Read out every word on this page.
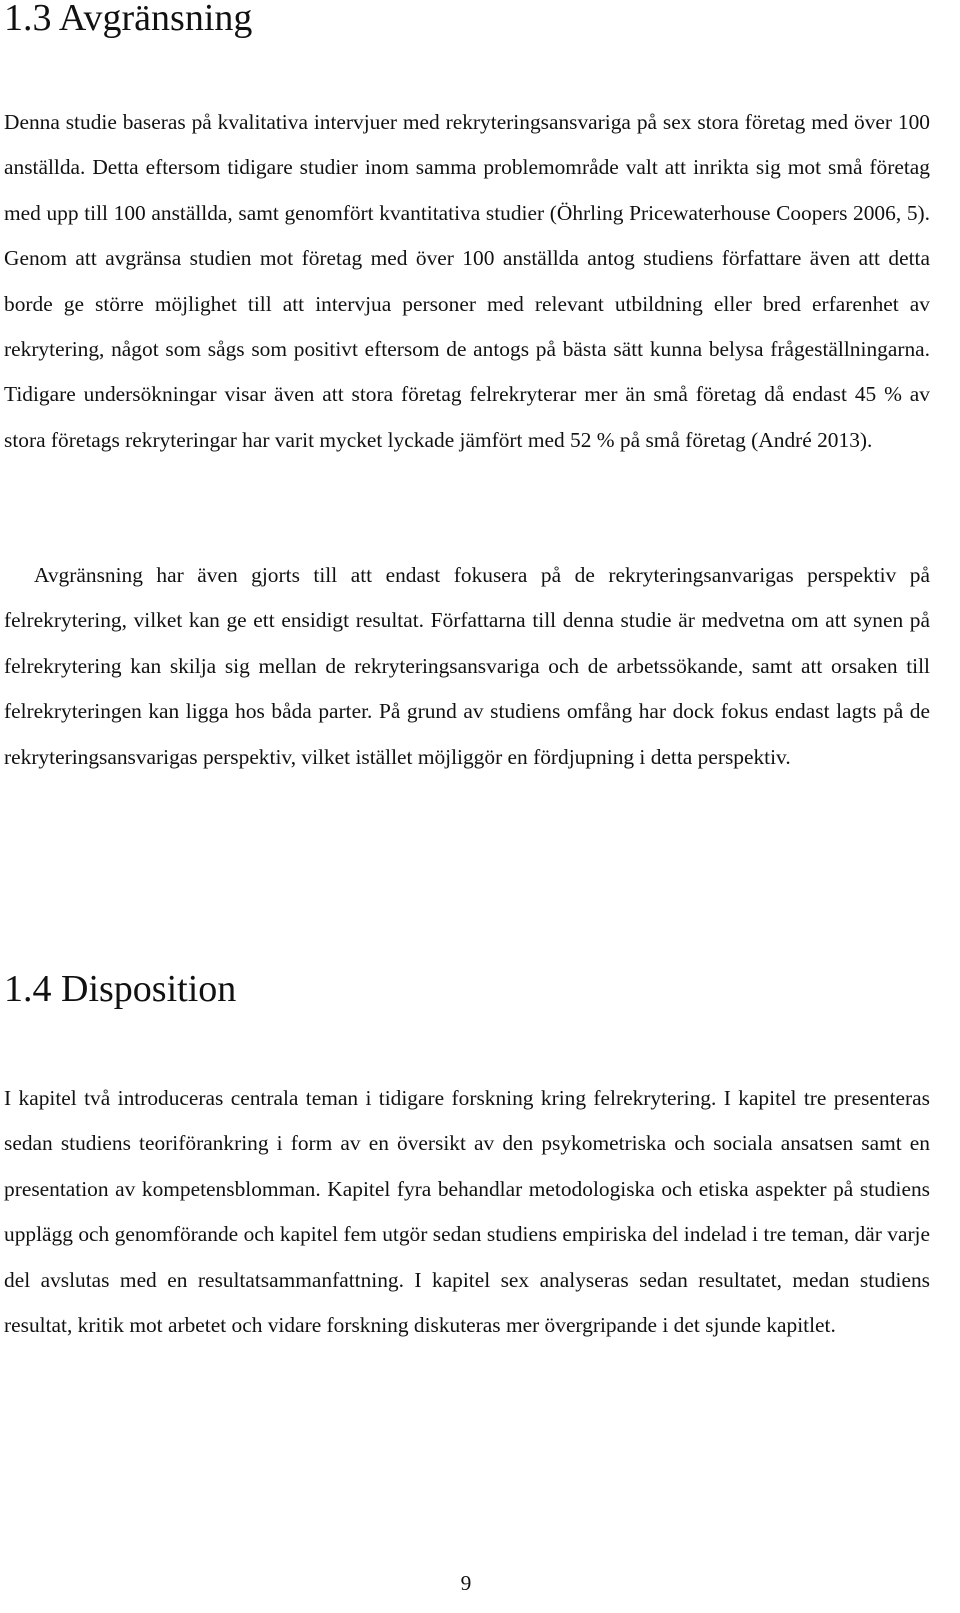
1.3 Avgränsning

Denna studie baseras på kvalitativa intervjuer med rekryteringsansvariga på sex stora företag med över 100 anställda. Detta eftersom tidigare studier inom samma problemområde valt att inrikta sig mot små företag med upp till 100 anställda, samt genomfört kvantitativa studier (Öhrling Pricewaterhouse Coopers 2006, 5). Genom att avgränsa studien mot företag med över 100 anställda antog studiens författare även att detta borde ge större möjlighet till att intervjua personer med relevant utbildning eller bred erfarenhet av rekrytering, något som sågs som positivt eftersom de antogs på bästa sätt kunna belysa frågeställningarna. Tidigare undersökningar visar även att stora företag felrekryterar mer än små företag då endast 45 % av stora företags rekryteringar har varit mycket lyckade jämfört med 52 % på små företag (André 2013).

Avgränsning har även gjorts till att endast fokusera på de rekryteringsanvarigas perspektiv på felrekrytering, vilket kan ge ett ensidigt resultat. Författarna till denna studie är medvetna om att synen på felrekrytering kan skilja sig mellan de rekryteringsansvariga och de arbetssökande, samt att orsaken till felrekryteringen kan ligga hos båda parter. På grund av studiens omfång har dock fokus endast lagts på de rekryteringsansvarigas perspektiv, vilket istället möjliggör en fördjupning i detta perspektiv.

1.4 Disposition

I kapitel två introduceras centrala teman i tidigare forskning kring felrekrytering. I kapitel tre presenteras sedan studiens teoriförankring i form av en översikt av den psykometriska och sociala ansatsen samt en presentation av kompetensblomman. Kapitel fyra behandlar metodologiska och etiska aspekter på studiens upplägg och genomförande och kapitel fem utgör sedan studiens empiriska del indelad i tre teman, där varje del avslutas med en resultatsammanfattning. I kapitel sex analyseras sedan resultatet, medan studiens resultat, kritik mot arbetet och vidare forskning diskuteras mer övergripande i det sjunde kapitlet.

9
